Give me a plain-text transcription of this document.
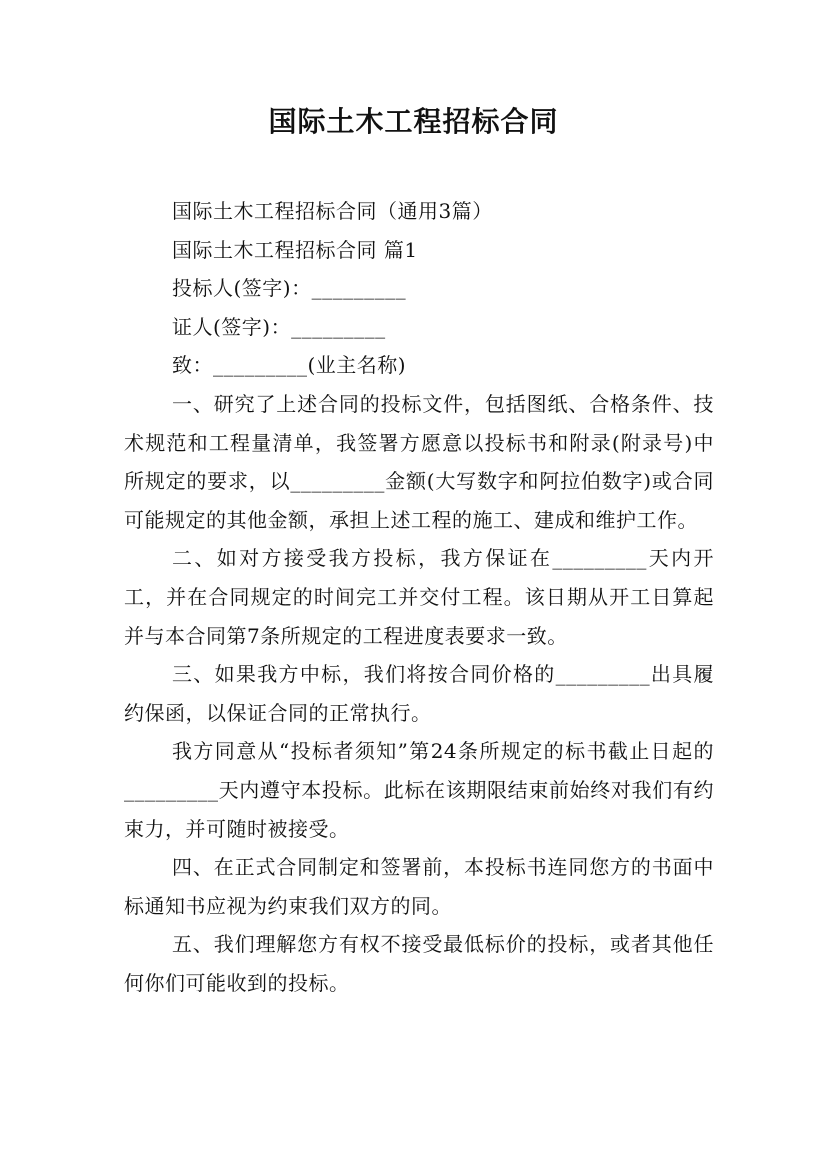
国际土木工程招标合同

国际土木工程招标合同（通用3篇）

国际土木工程招标合同 篇1

投标人(签字)：_________

证人(签字)：_________

致：_________(业主名称)

一、研究了上述合同的投标文件，包括图纸、合格条件、技术规范和工程量清单，我签署方愿意以投标书和附录(附录号)中所规定的要求，以_________金额(大写数字和阿拉伯数字)或合同可能规定的其他金额，承担上述工程的施工、建成和维护工作。

二、如对方接受我方投标，我方保证在_________天内开工，并在合同规定的时间完工并交付工程。该日期从开工日算起并与本合同第7条所规定的工程进度表要求一致。

三、如果我方中标，我们将按合同价格的_________出具履约保函，以保证合同的正常执行。

我方同意从“投标者须知”第24条所规定的标书截止日起的_________天内遵守本投标。此标在该期限结束前始终对我们有约束力，并可随时被接受。

四、在正式合同制定和签署前，本投标书连同您方的书面中标通知书应视为约束我们双方的同。

五、我们理解您方有权不接受最低标价的投标，或者其他任何你们可能收到的投标。
